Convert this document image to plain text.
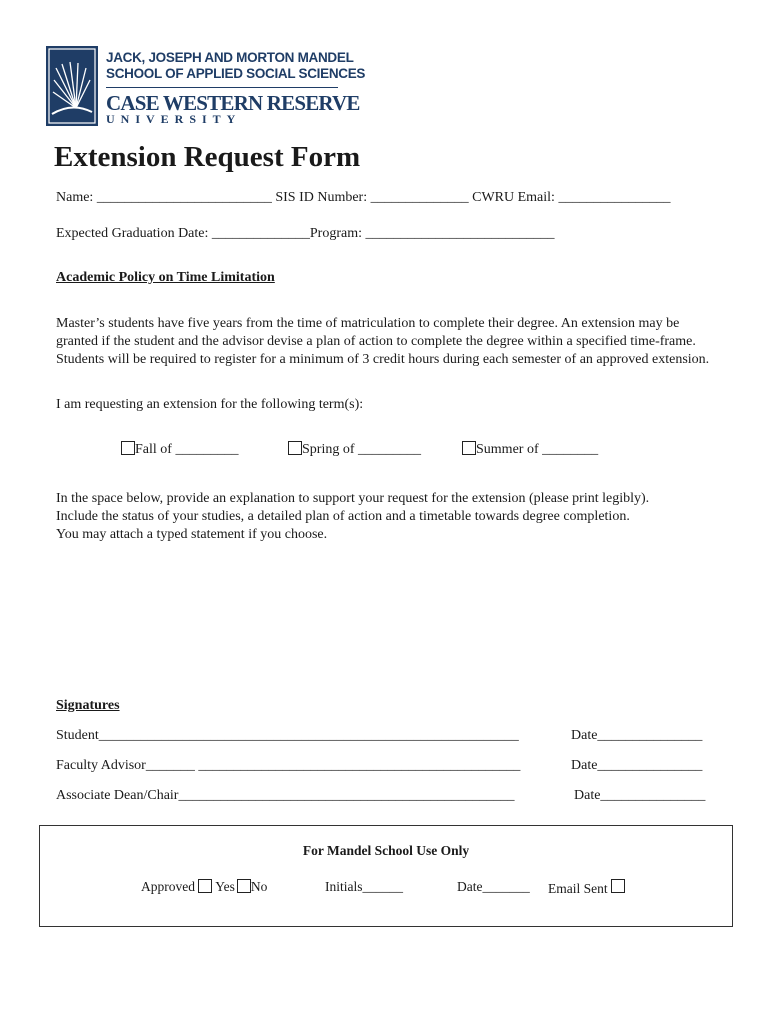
JACK, JOSEPH AND MORTON MANDEL
SCHOOL OF APPLIED SOCIAL SCIENCES
CASE WESTERN RESERVE
UNIVERSITY
Extension Request Form
Name: _________________________ SIS ID Number: ______________ CWRU Email: ________________
Expected Graduation Date: ______________Program: ___________________________
Academic Policy on Time Limitation
Master’s students have five years from the time of matriculation to complete their degree. An extension may be granted if the student and the advisor devise a plan of action to complete the degree within a specified time-frame. Students will be required to register for a minimum of 3 credit hours during each semester of an approved extension.
I am requesting an extension for the following term(s):
Fall of _________	Spring of _________	Summer of ________
In the space below, provide an explanation to support your request for the extension (please print legibly).
Include the status of your studies, a detailed plan of action and a timetable towards degree completion.
You may attach a typed statement if you choose.
Signatures
Student____________________________________________________________	Date_______________
Faculty Advisor_______ ______________________________________________	Date_______________
Associate Dean/Chair________________________________________________	Date_______________
For Mandel School Use Only
Approved Yes No	Initials______	Date_______ Email Sent
